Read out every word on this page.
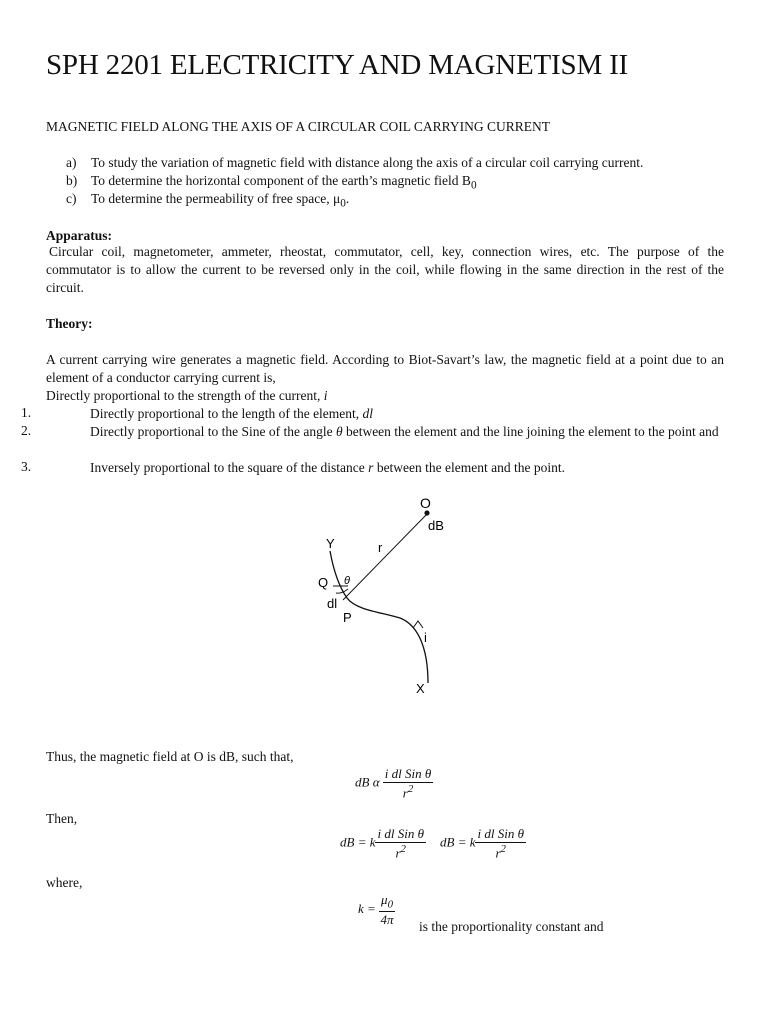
SPH 2201 ELECTRICITY AND MAGNETISM II
MAGNETIC FIELD ALONG THE AXIS OF A CIRCULAR COIL CARRYING CURRENT
a) To study the variation of magnetic field with distance along the axis of a circular coil carrying current.
b) To determine the horizontal component of the earth’s magnetic field $B_0$
c) To determine the permeability of free space, $\mu_0$.
Apparatus:
Circular coil, magnetometer, ammeter, rheostat, commutator, cell, key, connection wires, etc. The purpose of the commutator is to allow the current to be reversed only in the coil, while flowing in the same direction in the rest of the circuit.
Theory:
A current carrying wire generates a magnetic field. According to Biot-Savart’s law, the magnetic field at a point due to an element of a conductor carrying current is,
Directly proportional to the strength of the current, i
1.	Directly proportional to the length of the element, dl
2.	Directly proportional to the Sine of the angle θ between the element and the line joining the element to the point and
3.	Inversely proportional to the square of the distance r between the element and the point.
O
dB
Y	r
Q θ
dl
P
i
X
Thus, the magnetic field at O is dB, such that,
dB α $\frac{\text{i dl Sin θ}}{r^2}$
Then,
dB = k $\frac{\text{i dl Sin θ}}{r^2}$ dB = k $\frac{\text{i dl Sin θ}}{r^2}$
where,
$k = \frac{\mu_0}{4\pi}$ is the proportionality constant and
